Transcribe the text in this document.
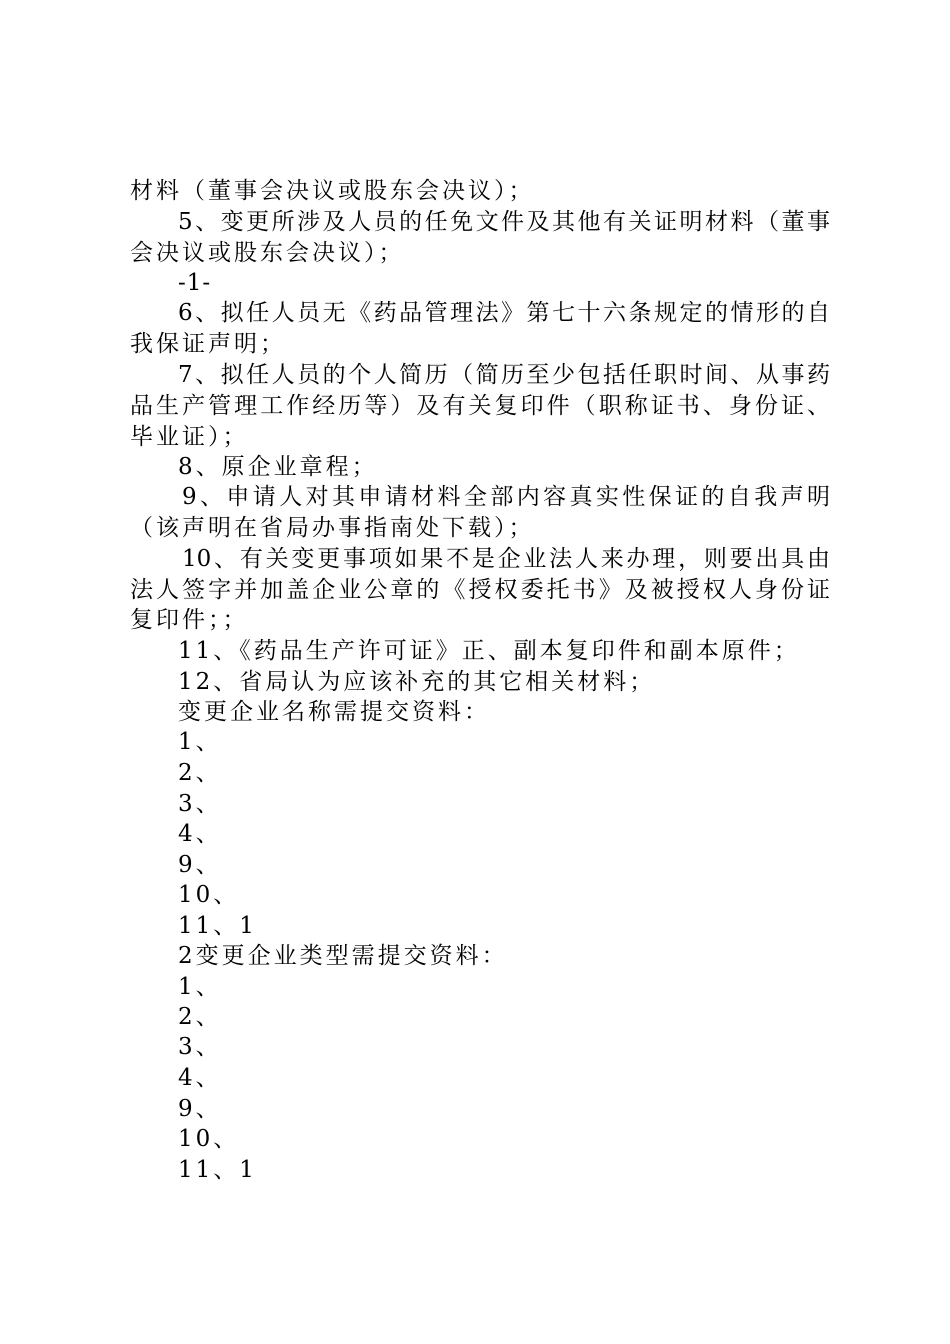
材料（董事会决议或股东会决议）；
5、变更所涉及人员的任免文件及其他有关证明材料（董事
会决议或股东会决议）；
-1-
6、拟任人员无《药品管理法》第七十六条规定的情形的自
我保证声明；
7、拟任人员的个人简历（简历至少包括任职时间、从事药
品生产管理工作经历等）及有关复印件（职称证书、身份证、
毕业证）；
8、原企业章程；
9、申请人对其申请材料全部内容真实性保证的自我声明
（该声明在省局办事指南处下载）；
10、有关变更事项如果不是企业法人来办理，则要出具由
法人签字并加盖企业公章的《授权委托书》及被授权人身份证
复印件；；
11、《药品生产许可证》正、副本复印件和副本原件；
12、省局认为应该补充的其它相关材料；
变更企业名称需提交资料：
1、
2、
3、
4、
9、
10、
11、1
2变更企业类型需提交资料：
1、
2、
3、
4、
9、
10、
11、1
